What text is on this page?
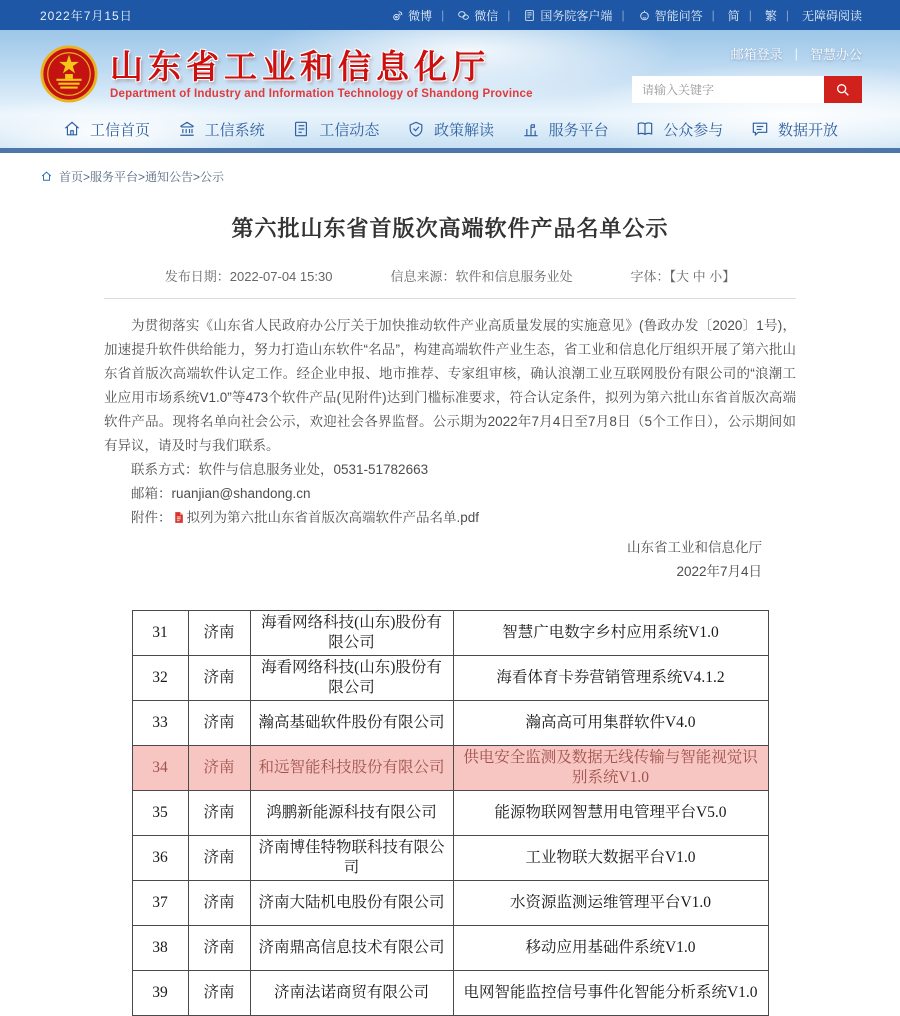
2022年7月15日	微博	| 微信	| 国务院客户端	| 智能问答 | 简 | 繁 | 无障碍阅读
山东省工业和信息化厅
Department of Industry and Information Technology of Shandong Province
邮箱登录 | 智慧办公
请输入关键字
工信首页	工信系统	工信动态	政策解读	服务平台	公众参与	数据开放
首页>服务平台>通知公告>公示
第六批山东省首版次高端软件产品名单公示
发布日期：2022-07-04 15:30	信息来源：软件和信息服务业处	字体：【大 中 小】

为贯彻落实《山东省人民政府办公厅关于加快推动软件产业高质量发展的实施意见》(鲁政办发〔2020〕1号)，加速提升软件供给能力，努力打造山东软件“名品”，构建高端软件产业生态，省工业和信息化厅组织开展了第六批山东省首版次高端软件认定工作。经企业申报、地市推荐、专家组审核，确认浪潮工业互联网股份有限公司的“浪潮工业应用市场系统V1.0”等473个软件产品(见附件)达到门槛标准要求，符合认定条件，拟列为第六批山东省首版次高端软件产品。现将名单向社会公示，欢迎社会各界监督。公示期为2022年7月4日至7月8日（5个工作日），公示期间如有异议，请及时与我们联系。

联系方式：软件与信息服务业处，0531-51782663

邮箱：ruanjian@shandong.cn

附件： 拟列为第六批山东省首版次高端软件产品名单.pdf

山东省工业和信息化厅
2022年7月4日
31	济南	海看网络科技(山东)股份有限公司	智慧广电数字乡村应用系统V1.0
32	济南	海看网络科技(山东)股份有限公司	海看体育卡券营销管理系统V4.1.2
33	济南	瀚高基础软件股份有限公司	瀚高高可用集群软件V4.0
34	济南	和远智能科技股份有限公司	供电安全监测及数据无线传输与智能视觉识别系统V1.0
35	济南	鸿鹏新能源科技有限公司	能源物联网智慧用电管理平台V5.0
36	济南	济南博佳特物联科技有限公司	工业物联大数据平台V1.0
37	济南	济南大陆机电股份有限公司	水资源监测运维管理平台V1.0
38	济南	济南鼎高信息技术有限公司	移动应用基础件系统V1.0
39	济南	济南法诺商贸有限公司	电网智能监控信号事件化智能分析系统V1.0
